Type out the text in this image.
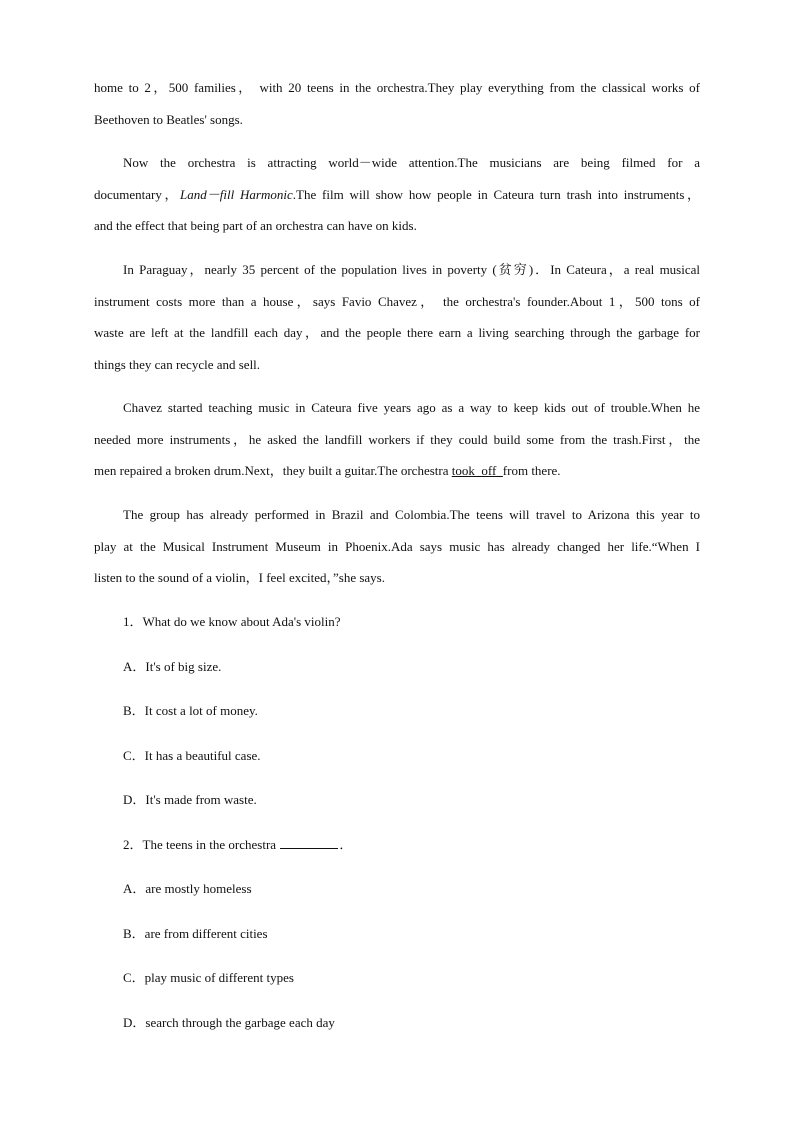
home to 2，500 families， with 20 teens in the orchestra.They play everything from the classical works of
Beethoven to Beatles' songs.
Now the orchestra is attracting world－wide attention.The musicians are being filmed for a
documentary，Land－fill Harmonic.The film will show how people in Cateura turn trash into instruments，
and the effect that being part of an orchestra can have on kids.
In Paraguay，nearly 35 percent of the population lives in poverty (贫穷)．In Cateura，a real musical
instrument costs more than a house，says Favio Chavez， the orchestra's founder.About 1，500 tons of
waste are left at the landfill each day，and the people there earn a living searching through the garbage for
things they can recycle and sell.
Chavez started teaching music in Cateura five years ago as a way to keep kids out of trouble.When he
needed more instruments，he asked the landfill workers if they could build some from the trash.First，the
men repaired a broken drum.Next，they built a guitar.The orchestra took_off_from there.
The group has already performed in Brazil and Colombia.The teens will travel to Arizona this year to
play at the Musical Instrument Museum in Phoenix.Ada says music has already changed her life.“When I
listen to the sound of a violin，I feel excited，”she says.
1．What do we know about Ada's violin?
A．It's of big size.
B．It cost a lot of money.
C．It has a beautiful case.
D．It's made from waste.
2．The teens in the orchestra	．
A．are mostly homeless
B．are from different cities
C．play music of different types
D．search through the garbage each day
